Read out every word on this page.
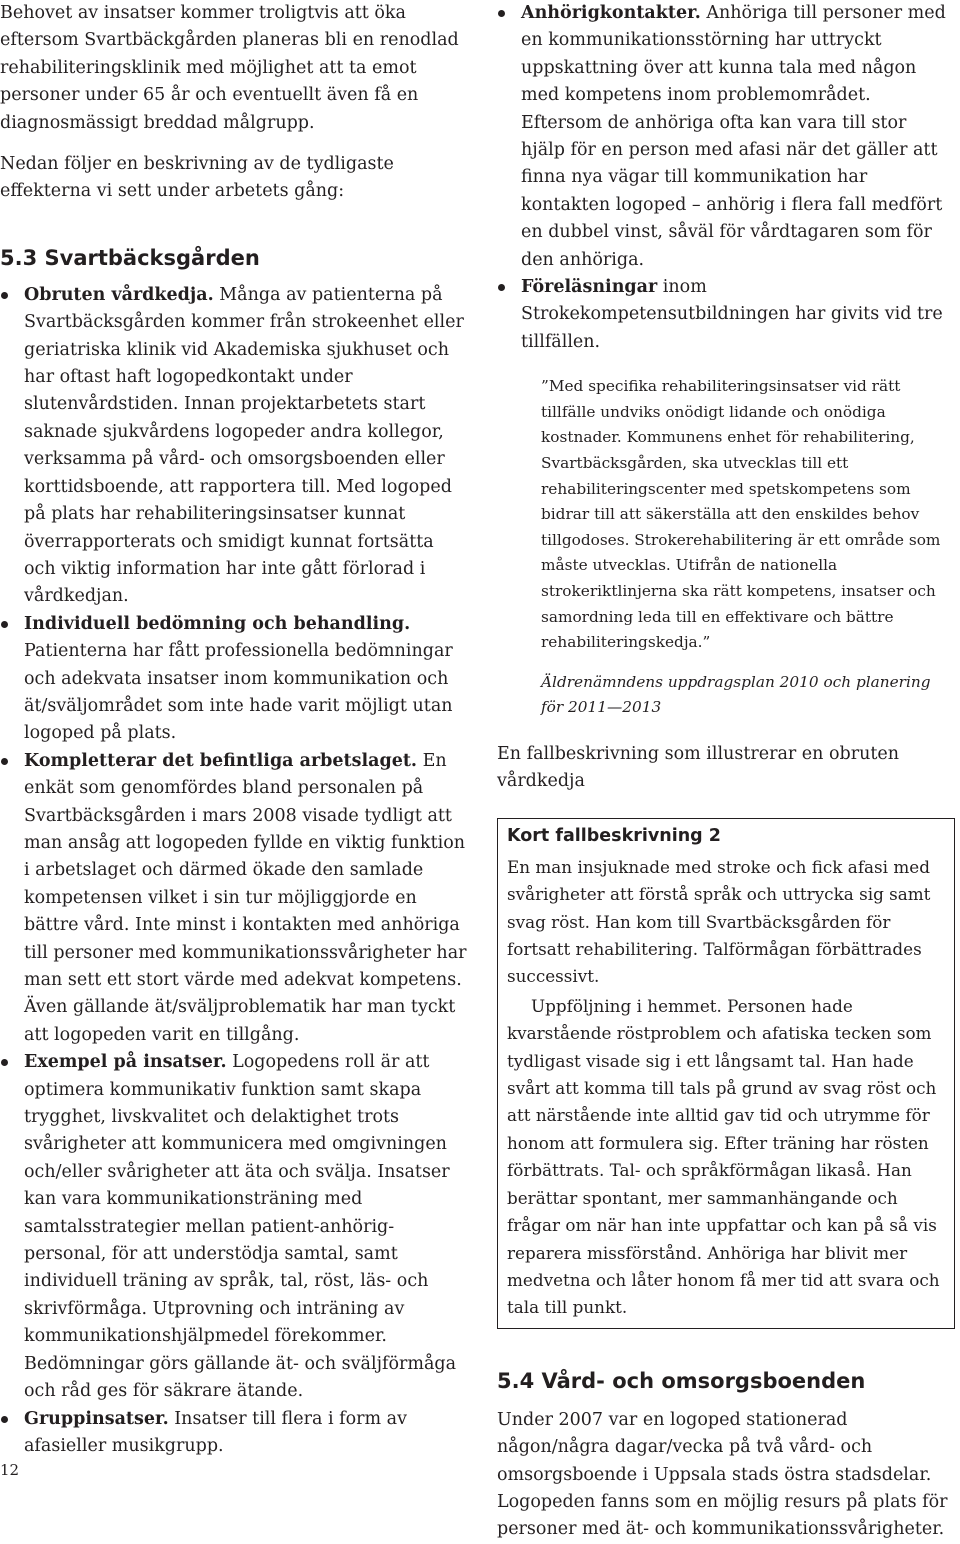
Behovet av insatser kommer troligtvis att öka eftersom Svartbäckgården planeras bli en renodlad rehabiliteringsklinik med möjlighet att ta emot personer under 65 år och eventuellt även få en diagnosmässigt breddad målgrupp.

Nedan följer en beskrivning av de tydligaste effekterna vi sett under arbetets gång:

5.3 Svartbäcksgården

Obruten vårdkedja. Många av patienterna på Svartbäcksgården kommer från strokeenhet eller geriatriska klinik vid Akademiska sjukhuset och har oftast haft logopedkontakt under slutenvårdstiden. Innan projektarbetets start saknade sjukvårdens logopeder andra kollegor, verksamma på vård- och omsorgsboenden eller korttidsboende, att rapportera till. Med logoped på plats har rehabiliteringsinsatser kunnat överrapporterats och smidigt kunnat fortsätta och viktig information har inte gått förlorad i vårdkedjan.

Individuell bedömning och behandling. Patienterna har fått professionella bedömningar och adekvata insatser inom kommunikation och ät/sväljområdet som inte hade varit möjligt utan logoped på plats.

Kompletterar det befintliga arbetslaget. En enkät som genomfördes bland personalen på Svartbäcksgården i mars 2008 visade tydligt att man ansåg att logopeden fyllde en viktig funktion i arbetslaget och därmed ökade den samlade kompetensen vilket i sin tur möjliggjorde en bättre vård. Inte minst i kontakten med anhöriga till personer med kommunikationssvårigheter har man sett ett stort värde med adekvat kompetens. Även gällande ät/sväljproblematik har man tyckt att logopeden varit en tillgång.

Exempel på insatser. Logopedens roll är att optimera kommunikativ funktion samt skapa trygghet, livskvalitet och delaktighet trots svårigheter att kommunicera med omgivningen och/eller svårigheter att äta och svälja. Insatser kan vara kommunikationsträning med samtalsstrategier mellan patient-anhörig-personal, för att understödja samtal, samt individuell träning av språk, tal, röst, läs- och skrivförmåga. Utprovning och inträning av kommunikationshjälpmedel förekommer. Bedömningar görs gällande ät- och sväljförmåga och råd ges för säkrare ätande.

Gruppinsatser. Insatser till flera i form av afasieller musikgrupp.

Anhörigkontakter. Anhöriga till personer med en kommunikationsstörning har uttryckt uppskattning över att kunna tala med någon med kompetens inom problemområdet. Eftersom de anhöriga ofta kan vara till stor hjälp för en person med afasi när det gäller att finna nya vägar till kommunikation har kontakten logoped – anhörig i flera fall medfört en dubbel vinst, såväl för vårdtagaren som för den anhöriga.

Föreläsningar inom Strokekompetensutbildningen har givits vid tre tillfällen.

”Med specifika rehabiliteringsinsatser vid rätt tillfälle undviks onödigt lidande och onödiga kostnader. Kommunens enhet för rehabilitering, Svartbäcksgården, ska utvecklas till ett rehabiliteringscenter med spetskompetens som bidrar till att säkerställa att den enskildes behov tillgodoses. Strokerehabilitering är ett område som måste utvecklas. Utifrån de nationella strokeriktlinjerna ska rätt kompetens, insatser och samordning leda till en effektivare och bättre rehabiliteringskedja.”

Äldrenämndens uppdragsplan 2010 och planering för 2011—2013

En fallbeskrivning som illustrerar en obruten vårdkedja

Kort fallbeskrivning 2

En man insjuknade med stroke och fick afasi med svårigheter att förstå språk och uttrycka sig samt svag röst. Han kom till Svartbäcksgården för fortsatt rehabilitering. Talförmågan förbättrades successivt.

Uppföljning i hemmet. Personen hade kvarstående röstproblem och afatiska tecken som tydligast visade sig i ett långsamt tal. Han hade svårt att komma till tals på grund av svag röst och att närstående inte alltid gav tid och utrymme för honom att formulera sig. Efter träning har rösten förbättrats. Tal- och språkförmågan likaså. Han berättar spontant, mer sammanhängande och frågar om när han inte uppfattar och kan på så vis reparera missförstånd. Anhöriga har blivit mer medvetna och låter honom få mer tid att svara och tala till punkt.

5.4 Vård- och omsorgsboenden

Under 2007 var en logoped stationerad någon/några dagar/vecka på två vård- och omsorgsboende i Uppsala stads östra stadsdelar. Logopeden fanns som en möjlig resurs på plats för personer med ät- och kommunikationssvårigheter.

12
